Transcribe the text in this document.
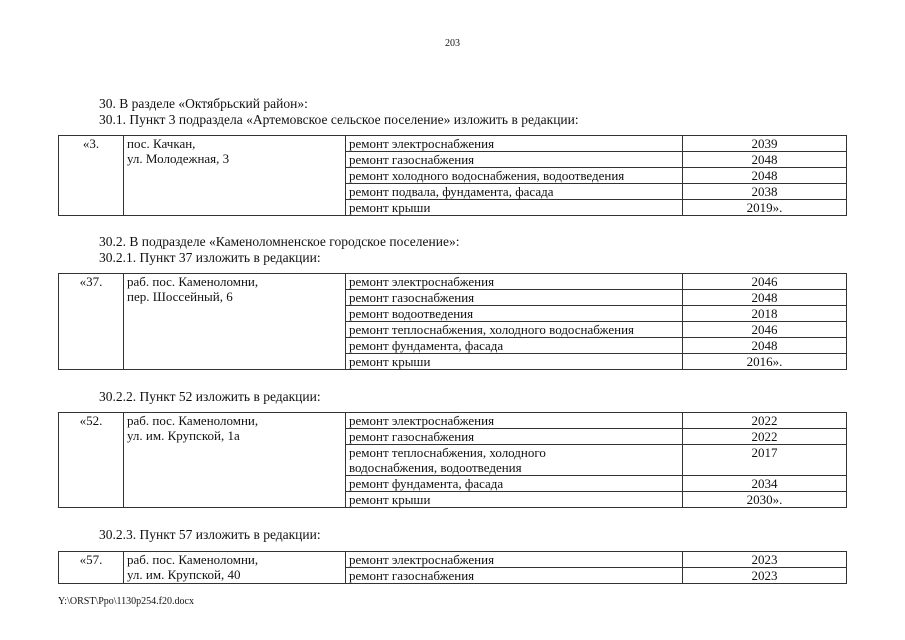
203
30. В разделе «Октябрьский район»:
30.1. Пункт 3 подраздела «Артемовское сельское поселение» изложить в редакции:
«3.	пос. Качкан,
ул. Молодежная, 3	ремонт электроснабжения	2039
		ремонт газоснабжения	2048
		ремонт холодного водоснабжения, водоотведения	2048
		ремонт подвала, фундамента, фасада	2038
		ремонт крыши	2019».
30.2. В подразделе «Каменоломненское городское поселение»:
30.2.1. Пункт 37 изложить в редакции:
«37.	раб. пос. Каменоломни,
пер. Шоссейный, 6	ремонт электроснабжения	2046
		ремонт газоснабжения	2048
		ремонт водоотведения	2018
		ремонт теплоснабжения, холодного водоснабжения	2046
		ремонт фундамента, фасада	2048
		ремонт крыши	2016».
30.2.2. Пункт 52 изложить в редакции:
«52.	раб. пос. Каменоломни,
ул. им. Крупской, 1а	ремонт электроснабжения	2022
		ремонт газоснабжения	2022

		ремонт теплоснабжения, холодного
водоснабжения, водоотведения	2017
		ремонт фундамента, фасада	2034
		ремонт крыши	2030».
30.2.3. Пункт 57 изложить в редакции:
«57.	раб. пос. Каменоломни,
ул. им. Крупской, 40	ремонт электроснабжения	2023
		ремонт газоснабжения	2023
Y:\ORST\Ppo\1130p254.f20.docx
